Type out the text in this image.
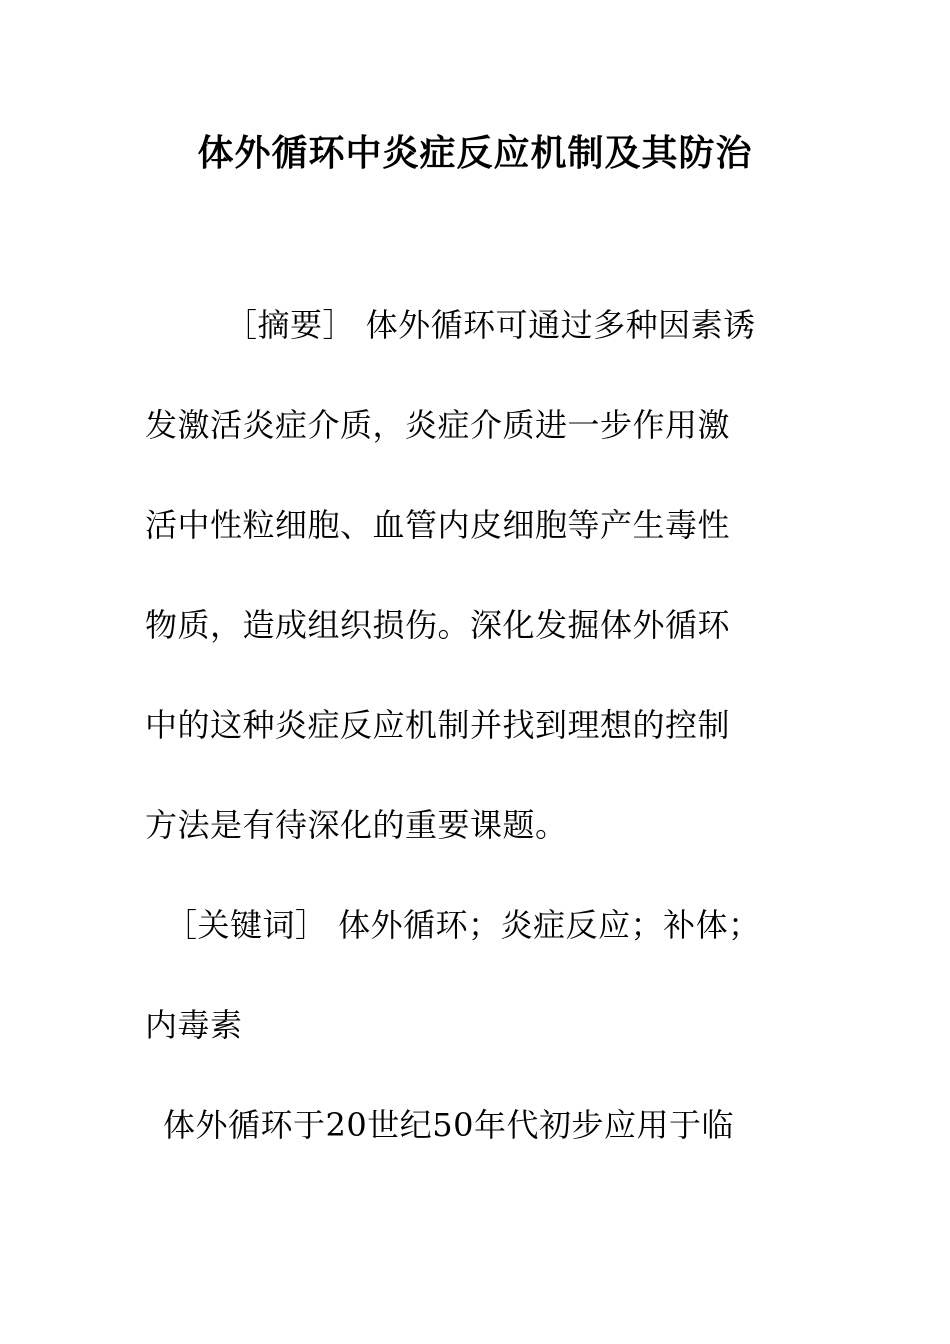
体外循环中炎症反应机制及其防治
［摘要］ 体外循环可通过多种因素诱
发激活炎症介质，炎症介质进一步作用激
活中性粒细胞、血管内皮细胞等产生毒性
物质，造成组织损伤。深化发掘体外循环
中的这种炎症反应机制并找到理想的控制
方法是有待深化的重要课题。
［关键词］ 体外循环；炎症反应；补体；
内毒素
体外循环于20世纪50年代初步应用于临
